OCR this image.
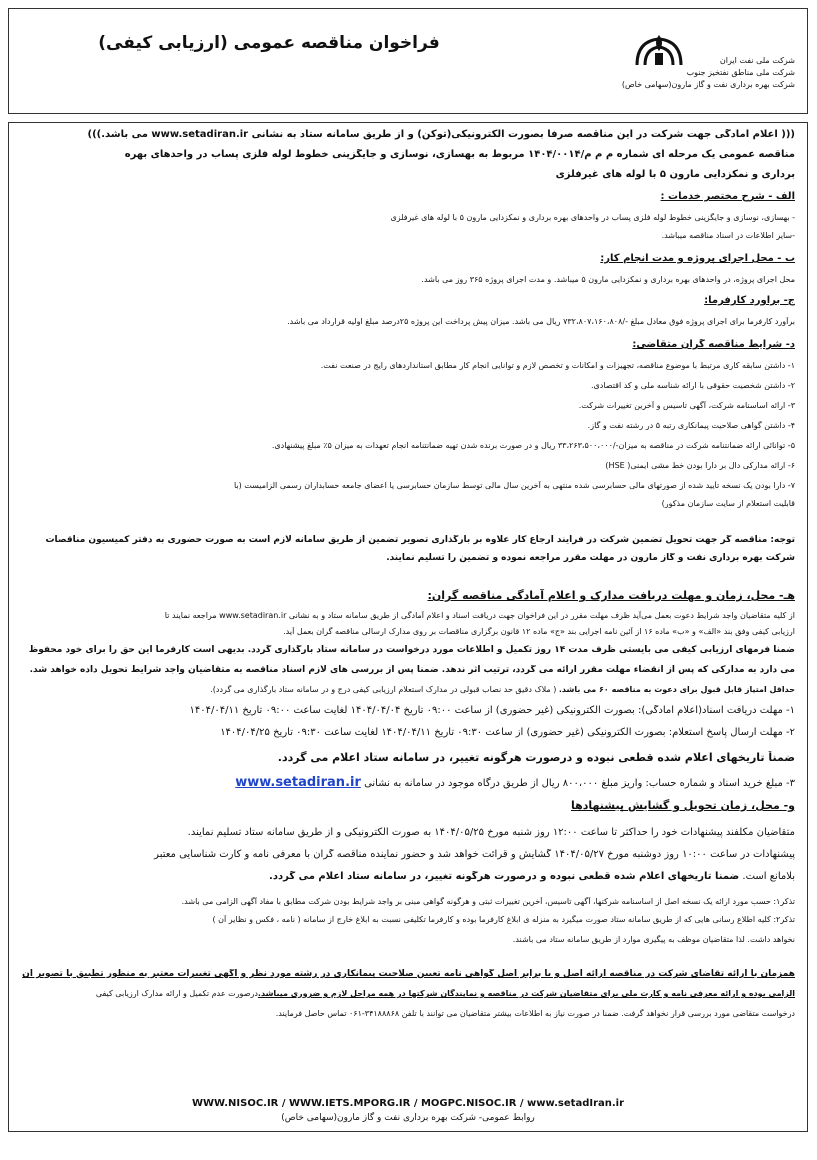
فراخوان مناقصه عمومی (ارزیابی کیفی)
شرکت ملی نفت ایران
شرکت ملی مناطق نفتخیز جنوب
شرکت بهره برداری نفت و گاز مارون(سهامی خاص)
((( اعلام آمادگی جهت شرکت در این مناقصه صرفاً بصورت الکترونیکی(توکن) و از طریق سامانه ستاد به نشانی www.setadiran.ir می باشد.)))
مناقصه عمومی یک مرحله ای شماره م م م/۱۴۰۴/۰۰۱۴ مربوط به بهسازی، نوسازی و جایگزینی خطوط لوله فلزی پساب در واحدهای بهره
برداری و نمکزدایی مارون ۵ با لوله های غیرفلزی
الف - شرح مختصر خدمات :
- بهسازی، نوسازی و جایگزینی خطوط لوله فلزی پساب در واحدهای بهره برداری و نمکزدایی مارون ۵ با لوله های غیرفلزی
-سایر اطلاعات در اسناد مناقصه میباشد.
ب - محل اجرای پروژه و مدت انجام کار:
محل اجرای پروژه، در واحدهای بهره برداری و نمکزدایی مارون ۵ میباشد. و مدت اجرای پروژه ۳۶۵ روز می باشد.
ج- برآورد کارفرما:
برآورد کارفرما برای اجرای پروژه فوق معادل مبلغ -/۷۳۲،۸۰۷،۱۶۰،۸۰۸ ریال می باشد. میزان پیش پرداخت این پروژه ۲۵درصد مبلغ اولیه قرارداد می باشد.
د- شرایط مناقصه گران متقاضی:
۱- داشتن سابقه کاری مرتبط با موضوع مناقصه، تجهیزات و امکانات و تخصص لازم و توانایی انجام کار مطابق استانداردهای رایج در صنعت نفت.
۲- داشتن شخصیت حقوقی با ارائه شناسه ملی و کد اقتصادی.
۳- ارائه اساسنامه شرکت، آگهی تاسیس و آخرین تغییرات شرکت.
۴- داشتن گواهی صلاحیت پیمانکاری رتبه ۵ در رشته نفت و گاز.
۵- توانائی ارائه ضمانتنامه شرکت در مناقصه به میزان-/۳۳،۲۶۳،۵۰۰،۰۰۰ ریال و در صورت برنده شدن تهیه ضمانتنامه انجام تعهدات به میزان ۵٪ مبلغ پیشنهادی.
۶- ارائه مدارکی دال بر دارا بودن خط مشی ایمنی( HSE)
۷- دارا بودن یک نسخه تأیید شده از صورتهای مالی حسابرسی شده منتهی به آخرین سال مالی توسط سازمان حسابرسی یا اعضای جامعه حسابداران رسمی الزامیست (با
قابلیت استعلام از سایت سازمان مذکور)
توجه: مناقصه گر جهت تحویل تضمین شرکت در فرایند ارجاع کار علاوه بر بارگذاری تصویر تضمین از طریق سامانه لازم است به صورت حضوری به دفتر کمیسیون مناقصات
شرکت بهره برداری نفت و گاز مارون در مهلت مقرر مراجعه نموده و تضمین را تسلیم نمایند.
هـ- محل، زمان و مهلت دریافت مدارک و اعلام آمادگی مناقصه گران:
از کلیه متقاضیان واجد شرایط دعوت بعمل می‌آید ظرف مهلت مقرر در این فراخوان جهت دریافت اسناد و اعلام آمادگی از طریق سامانه ستاد و به نشانی www.setadiran.ir مراجعه نمایند تا
ارزیابی کیفی وفق بند «الف» و «ب» ماده ۱۶ از آئین نامه اجرایی بند «ج» ماده ۱۲ قانون برگزاری مناقصات بر روی مدارک ارسالی مناقصه گران بعمل آید.
ضمناً فرمهای ارزیابی کیفی می بایستی ظرف مدت ۱۴ روز تکمیل و اطلاعات مورد درخواست در سامانه ستاد بارگذاری گردد. بدیهی است کارفرما این حق را برای خود محفوظ
می دارد به مدارکی که پس از انقضاء مهلت مقرر ارائه می گردد، ترتیب اثر ندهد. ضمناً پس از بررسی های لازم اسناد مناقصه به متقاضیان واجد شرایط تحویل داده خواهد شد.
حداقل امتیاز قابل قبول برای دعوت به مناقصه ۶۰ می باشد. ( ملاک دقیق حد نصاب قبولی در مدارک استعلام ارزیابی کیفی درج و در سامانه ستاد بارگذاری می گردد).
۱- مهلت دریافت اسناد(اعلام آمادگی): بصورت الکترونیکی (غیر حضوری) از ساعت ۰۹:۰۰ تاریخ ۱۴۰۴/۰۴/۰۴ لغایت ساعت ۰۹:۰۰ تاریخ ۱۴۰۴/۰۴/۱۱
۲- مهلت ارسال پاسخ استعلام: بصورت الکترونیکی (غیر حضوری) از ساعت ۰۹:۳۰ تاریخ ۱۴۰۴/۰۴/۱۱ لغایت ساعت ۰۹:۳۰ تاریخ ۱۴۰۴/۰۴/۲۵
ضمناً تاریخهای اعلام شده قطعی نبوده و درصورت هرگونه تغییر، در سامانه ستاد اعلام می گردد.
۳- مبلغ خرید اسناد و شماره حساب: واریز مبلغ ۸۰۰،۰۰۰ ریال از طریق درگاه موجود در سامانه به نشانی www.setadiran.ir
و- محل، زمان تحویل و گشایش پیشنهادها
متقاضیان مکلفند پیشنهادات خود را حداکثر تا ساعت ۱۲:۰۰ روز شنبه مورخ ۱۴۰۴/۰۵/۲۵ به صورت الکترونیکی و از طریق سامانه ستاد تسلیم نمایند.
پیشنهادات در ساعت ۱۰:۰۰ روز دوشنبه مورخ ۱۴۰۴/۰۵/۲۷ گشایش و قرائت خواهد شد و حضور نماینده مناقصه گران با معرفی نامه و کارت شناسایی معتبر
بلامانع است. ضمناً تاریخهای اعلام شده قطعی نبوده و درصورت هرگونه تغییر، در سامانه ستاد اعلام می گردد.
تذکر۱: حسب مورد ارائه یک نسخه اصل از اساسنامه شرکتها، آگهی تاسیس، آخرین تغییرات ثبتی و هرگونه گواهی مبنی بر واجد شرایط بودن شرکت مطابق با مفاد آگهی الزامی می باشد.
تذکر۲: کلیه اطلاع رسانی هایی که از طریق سامانه ستاد صورت میگیرد به منزله ی ابلاغ کارفرما بوده و کارفرما تکلیفی نسبت به ابلاغ خارج از سامانه ( نامه ، فکس و نظایر آن )
نخواهد داشت. لذا متقاضیان موظف به پیگیری موارد از طریق سامانه ستاد می باشند.
همزمان با ارائه تقاضای شرکت در مناقصه ارائه اصل و یا برابر اصل گواهی نامه تعیین صلاحیت پیمانکاری در رشته مورد نظر و آگهی تغییرات معتبر به منظور تطبیق با تصویر آن
الزامی بوده و ارائه معرفی نامه و کارت ملی برای متقاضیان شرکت در مناقصه و نمایندگان شرکتها در همه مراحل لازم و ضروری میباشد.درصورت عدم تکمیل و ارائه مدارک ارزیابی کیفی
درخواست متقاضی مورد بررسی قرار نخواهد گرفت. ضمناً در صورت نیاز به اطلاعات بیشتر متقاضیان می توانند با تلفن ۳۴۱۸۸۸۶۸-۰۶۱ تماس حاصل فرمایند.
WWW.NISOC.IR / WWW.IETS.MPORG.IR / MOGPC.NISOC.IR / www.setadIran.ir
روابط عمومی- شرکت بهره برداری نفت و گاز مارون(سهامی خاص)
